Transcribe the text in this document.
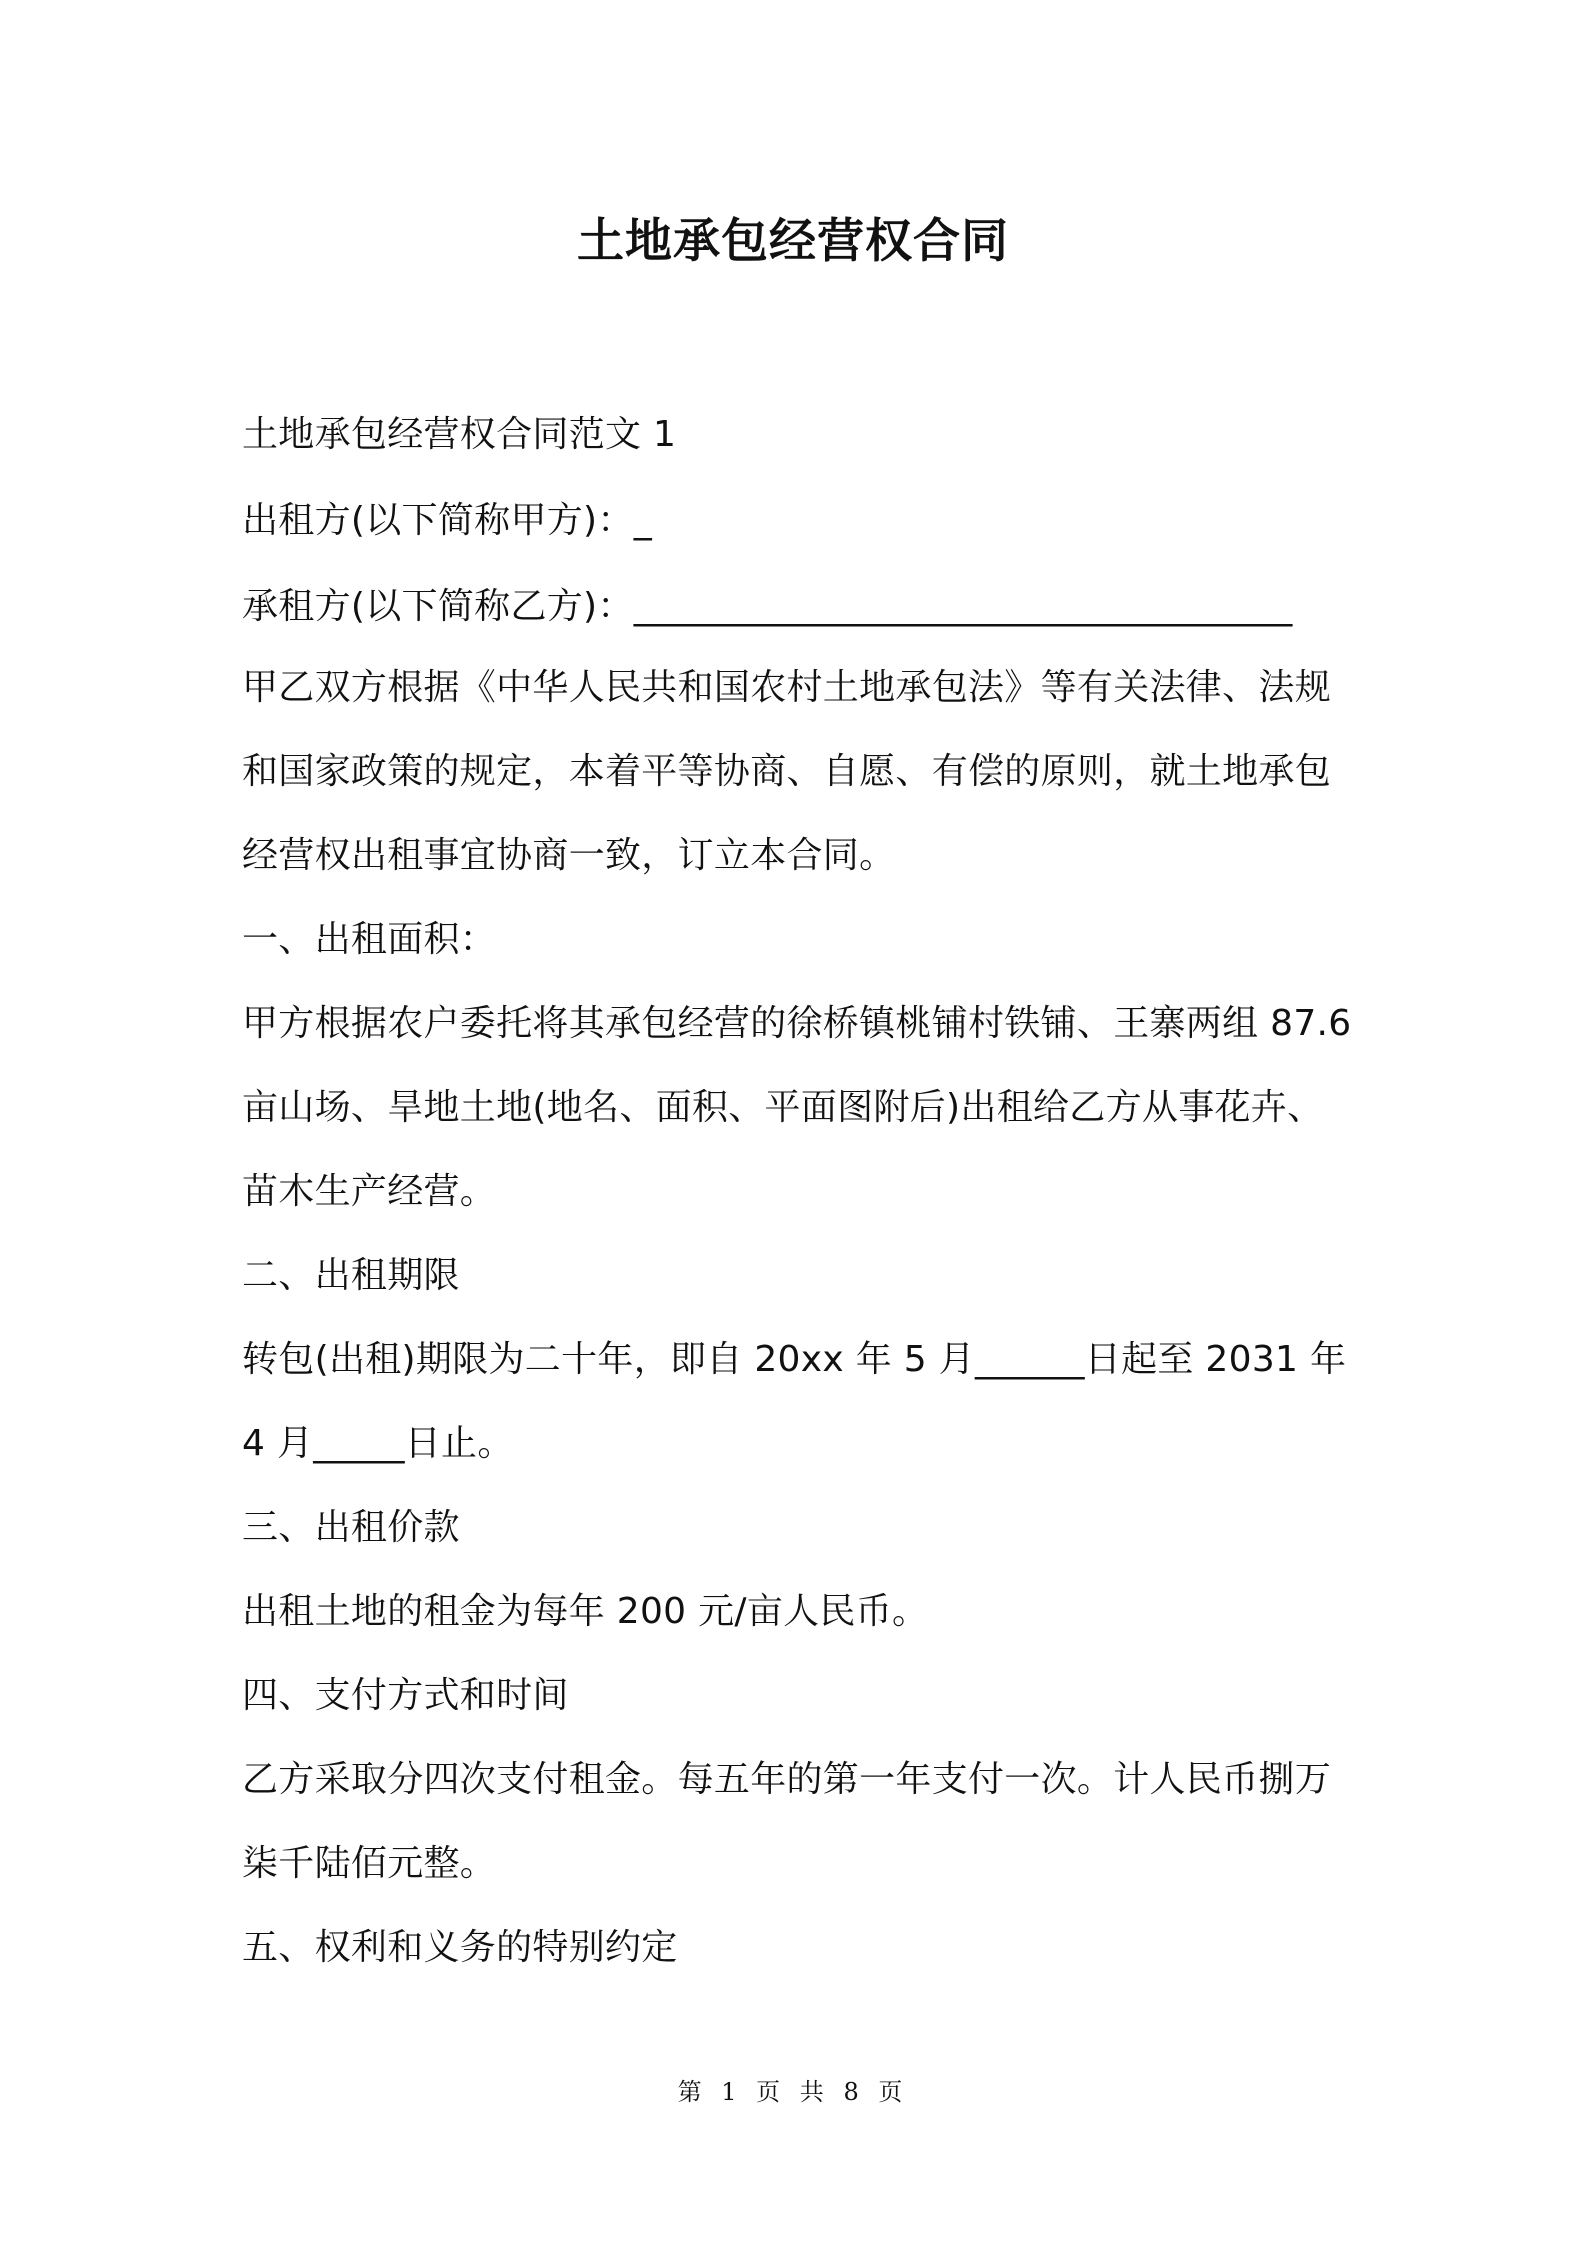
土地承包经营权合同
土地承包经营权合同范文 1
出租方(以下简称甲方)：_
承租方(以下简称乙方)：____________________________________
甲乙双方根据《中华人民共和国农村土地承包法》等有关法律、法规
和国家政策的规定，本着平等协商、自愿、有偿的原则，就土地承包
经营权出租事宜协商一致，订立本合同。
一、出租面积：
甲方根据农户委托将其承包经营的徐桥镇桃铺村铁铺、王寨两组 87.6
亩山场、旱地土地(地名、面积、平面图附后)出租给乙方从事花卉、
苗木生产经营。
二、出租期限
转包(出租)期限为二十年，即自 20xx 年 5 月______日起至 2031 年
4 月_____日止。
三、出租价款
出租土地的租金为每年 200 元/亩人民币。
四、支付方式和时间
乙方采取分四次支付租金。每五年的第一年支付一次。计人民币捌万
柒千陆佰元整。
五、权利和义务的特别约定
第 1 页 共 8 页
